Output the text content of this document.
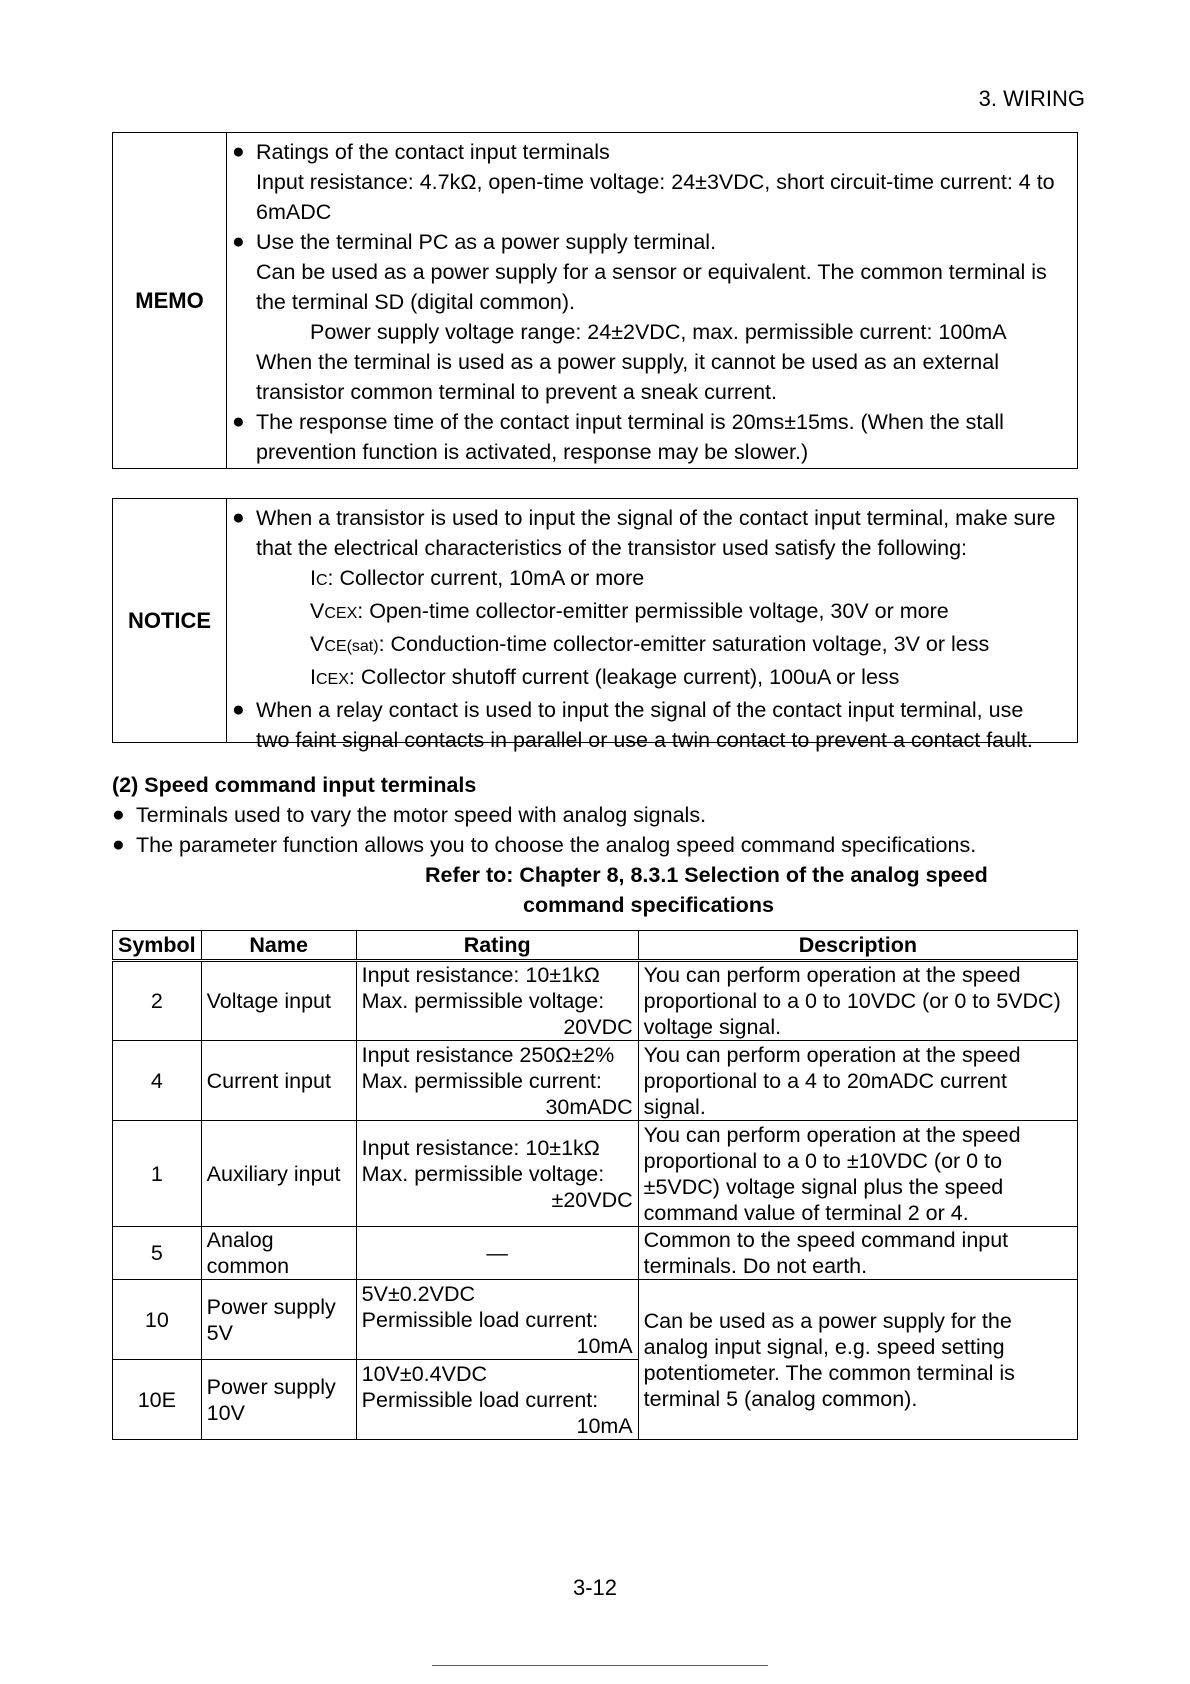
3. WIRING
MEMO
● Ratings of the contact input terminals
Input resistance: 4.7kΩ, open-time voltage: 24±3VDC, short circuit-time current: 4 to
6mADC
● Use the terminal PC as a power supply terminal.
Can be used as a power supply for a sensor or equivalent. The common terminal is
the terminal SD (digital common).
Power supply voltage range: 24±2VDC, max. permissible current: 100mA
When the terminal is used as a power supply, it cannot be used as an external
transistor common terminal to prevent a sneak current.
● The response time of the contact input terminal is 20ms±15ms. (When the stall
prevention function is activated, response may be slower.)
NOTICE
● When a transistor is used to input the signal of the contact input terminal, make sure
that the electrical characteristics of the transistor used satisfy the following:
IC: Collector current, 10mA or more
VCEX: Open-time collector-emitter permissible voltage, 30V or more
VCE(sat): Conduction-time collector-emitter saturation voltage, 3V or less
ICEX: Collector shutoff current (leakage current), 100uA or less
● When a relay contact is used to input the signal of the contact input terminal, use
two faint signal contacts in parallel or use a twin contact to prevent a contact fault.
(2) Speed command input terminals
● Terminals used to vary the motor speed with analog signals.
● The parameter function allows you to choose the analog speed command specifications.
Refer to: Chapter 8, 8.3.1 Selection of the analog speed
command specifications
Symbol	Name	Rating	Description
2	Voltage input	Input resistance: 10±1kΩ
Max. permissible voltage:
20VDC	You can perform operation at the speed proportional to a 0 to 10VDC (or 0 to 5VDC) voltage signal.
4	Current input	Input resistance 250Ω±2%
Max. permissible current:
30mADC	You can perform operation at the speed proportional to a 4 to 20mADC current signal.
1	Auxiliary input	Input resistance: 10±1kΩ
Max. permissible voltage:
±20VDC	You can perform operation at the speed proportional to a 0 to ±10VDC (or 0 to ±5VDC) voltage signal plus the speed command value of terminal 2 or 4.
5	Analog common	—	Common to the speed command input terminals. Do not earth.
10	Power supply 5V	5V±0.2VDC
Permissible load current:
10mA	Can be used as a power supply for the analog input signal, e.g. speed setting potentiometer. The common terminal is terminal 5 (analog common).
10E	Power supply 10V	10V±0.4VDC
Permissible load current:
10mA	
3-12
